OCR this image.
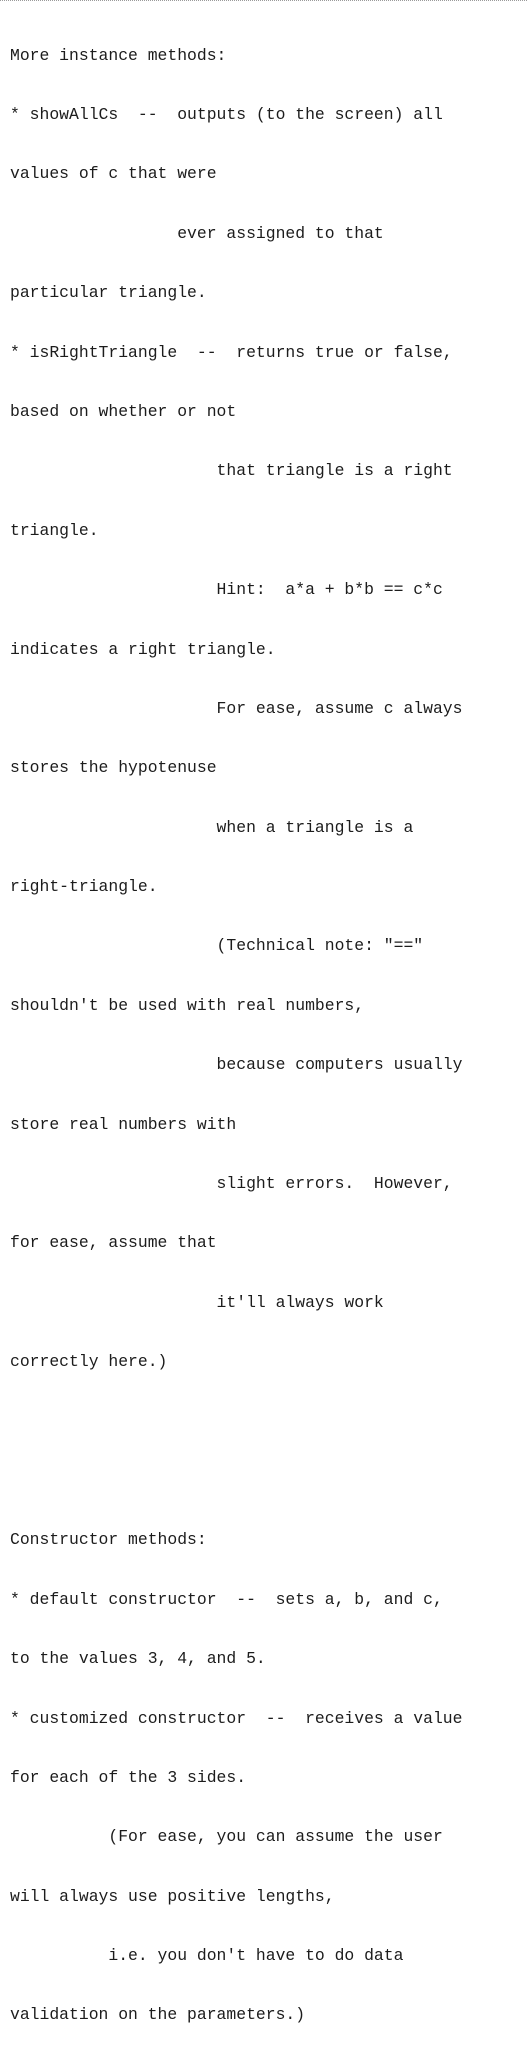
More instance methods:

* showAllCs  --  outputs (to the screen) all

values of c that were

ever assigned to that

particular triangle.

* isRightTriangle  --  returns true or false,

based on whether or not

that triangle is a right

triangle.

Hint:  a*a + b*b == c*c

indicates a right triangle.

For ease, assume c always

stores the hypotenuse

when a triangle is a

right-triangle.

(Technical note: "=="

shouldn't be used with real numbers,

because computers usually

store real numbers with

slight errors.  However,

for ease, assume that

it'll always work

correctly here.)

Constructor methods:

* default constructor  --  sets a, b, and c,

to the values 3, 4, and 5.

* customized constructor  --  receives a value

for each of the 3 sides.

(For ease, you can assume the user

will always use positive lengths,

i.e. you don't have to do data

validation on the parameters.)
